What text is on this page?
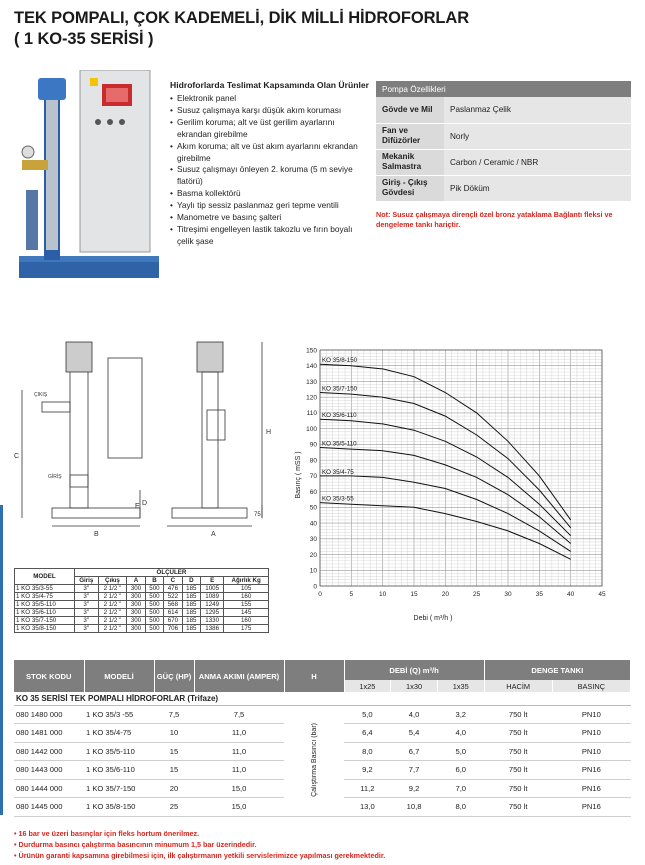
TEK POMPALI, ÇOK KADEMELİ, DİK MİLLİ HİDROFORLAR
( 1 KO-35 SERİSİ )
Hidroforlarda Teslimat Kapsamında Olan Ürünler
• Elektronik panel
• Susuz çalışmaya karşı düşük akım koruması
• Gerilim koruma; alt ve üst gerilim ayarlarını ekrandan girebilme
• Akım koruma; alt ve üst akım ayarlarını ekrandan girebilme
• Susuz çalışmayı önleyen 2. koruma (5 m seviye flatörü)
• Basma kollektörü
• Yaylı tip sessiz paslanmaz geri tepme ventili
• Manometre ve basınç şalteri
• Titreşimi engelleyen lastik takozlu ve fırın boyalı çelik şase
Pompa Özellikleri	
Gövde ve Mil	Paslanmaz Çelik
Fan ve Difüzörler	Norly
Mekanik Salmastra	Carbon / Ceramic / NBR
Giriş - Çıkış Gövdesi	Pik Döküm
Not: Susuz çalışmaya dirençli özel bronz yataklama Bağlantı fleksi ve dengeleme tankı hariçtir.
C
B	A
D
H
E
75
GİRİŞ
ÇIKIŞ
0	5	10	15	20	25	30	35	40	45
0
10
20
30
40
50
60
70
80
90
100
110
120
130
140
150
KO 35/8-150
KO 35/7-150
KO 35/6-110
KO 35/5-110
KO 35/4-75
KO 35/3-55
Debi ( m³/h )
Basınç ( mSS )
MODEL	ÖLÇÜLER							
	Giriş	Çıkış	A	B	C	D	E	Ağırlık Kg
1 KO 35/3-55	3"	2 1/2 "	300	500	476	185	1005	105
1 KO 35/4-75	3"	2 1/2 "	300	500	522	185	1089	160
1 KO 35/5-110	3"	2 1/2 "	300	500	568	185	1249	155
1 KO 35/6-110	3"	2 1/2 "	300	500	614	185	1295	145
1 KO 35/7-150	3"	2 1/2 "	300	500	670	185	1330	160
1 KO 35/8-150	3"	2 1/2 "	300	500	706	185	1386	175
STOK KODU	MODELİ	GÜÇ (HP)	ANMA AKIMI (AMPER)	H	DEBİ (Q) m³/h			DENGE TANKI	
					1x25	1x30	1x35	HACİM	BASINÇ
KO 35 SERİSİ TEK POMPALI HİDROFORLAR (Trifaze)									
080 1480 000	1 KO 35/3 -55	7,5	7,5	Çalıştırma Basıncı (bar)	5,0	4,0	3,2	750 lt	PN10
080 1481 000	1 KO 35/4-75	10	11,0		6,4	5,4	4,0	750 lt	PN10
080 1442 000	1 KO 35/5-110	15	11,0		8,0	6,7	5,0	750 lt	PN10
080 1443 000	1 KO 35/6-110	15	11,0		9,2	7,7	6,0	750 lt	PN16
080 1444 000	1 KO 35/7-150	20	15,0		11,2	9,2	7,0	750 lt	PN16
080 1445 000	1 KO 35/8-150	25	15,0		13,0	10,8	8,0	750 lt	PN16
• 16 bar ve üzeri basınçlar için fleks hortum önerilmez.
• Durdurma basıncı çalıştırma basıncının minumum 1,5 bar üzerindedir.
• Ürünün garanti kapsamına girebilmesi için, ilk çalıştırmanın yetkili servislerimizce yapılması gerekmektedir.
